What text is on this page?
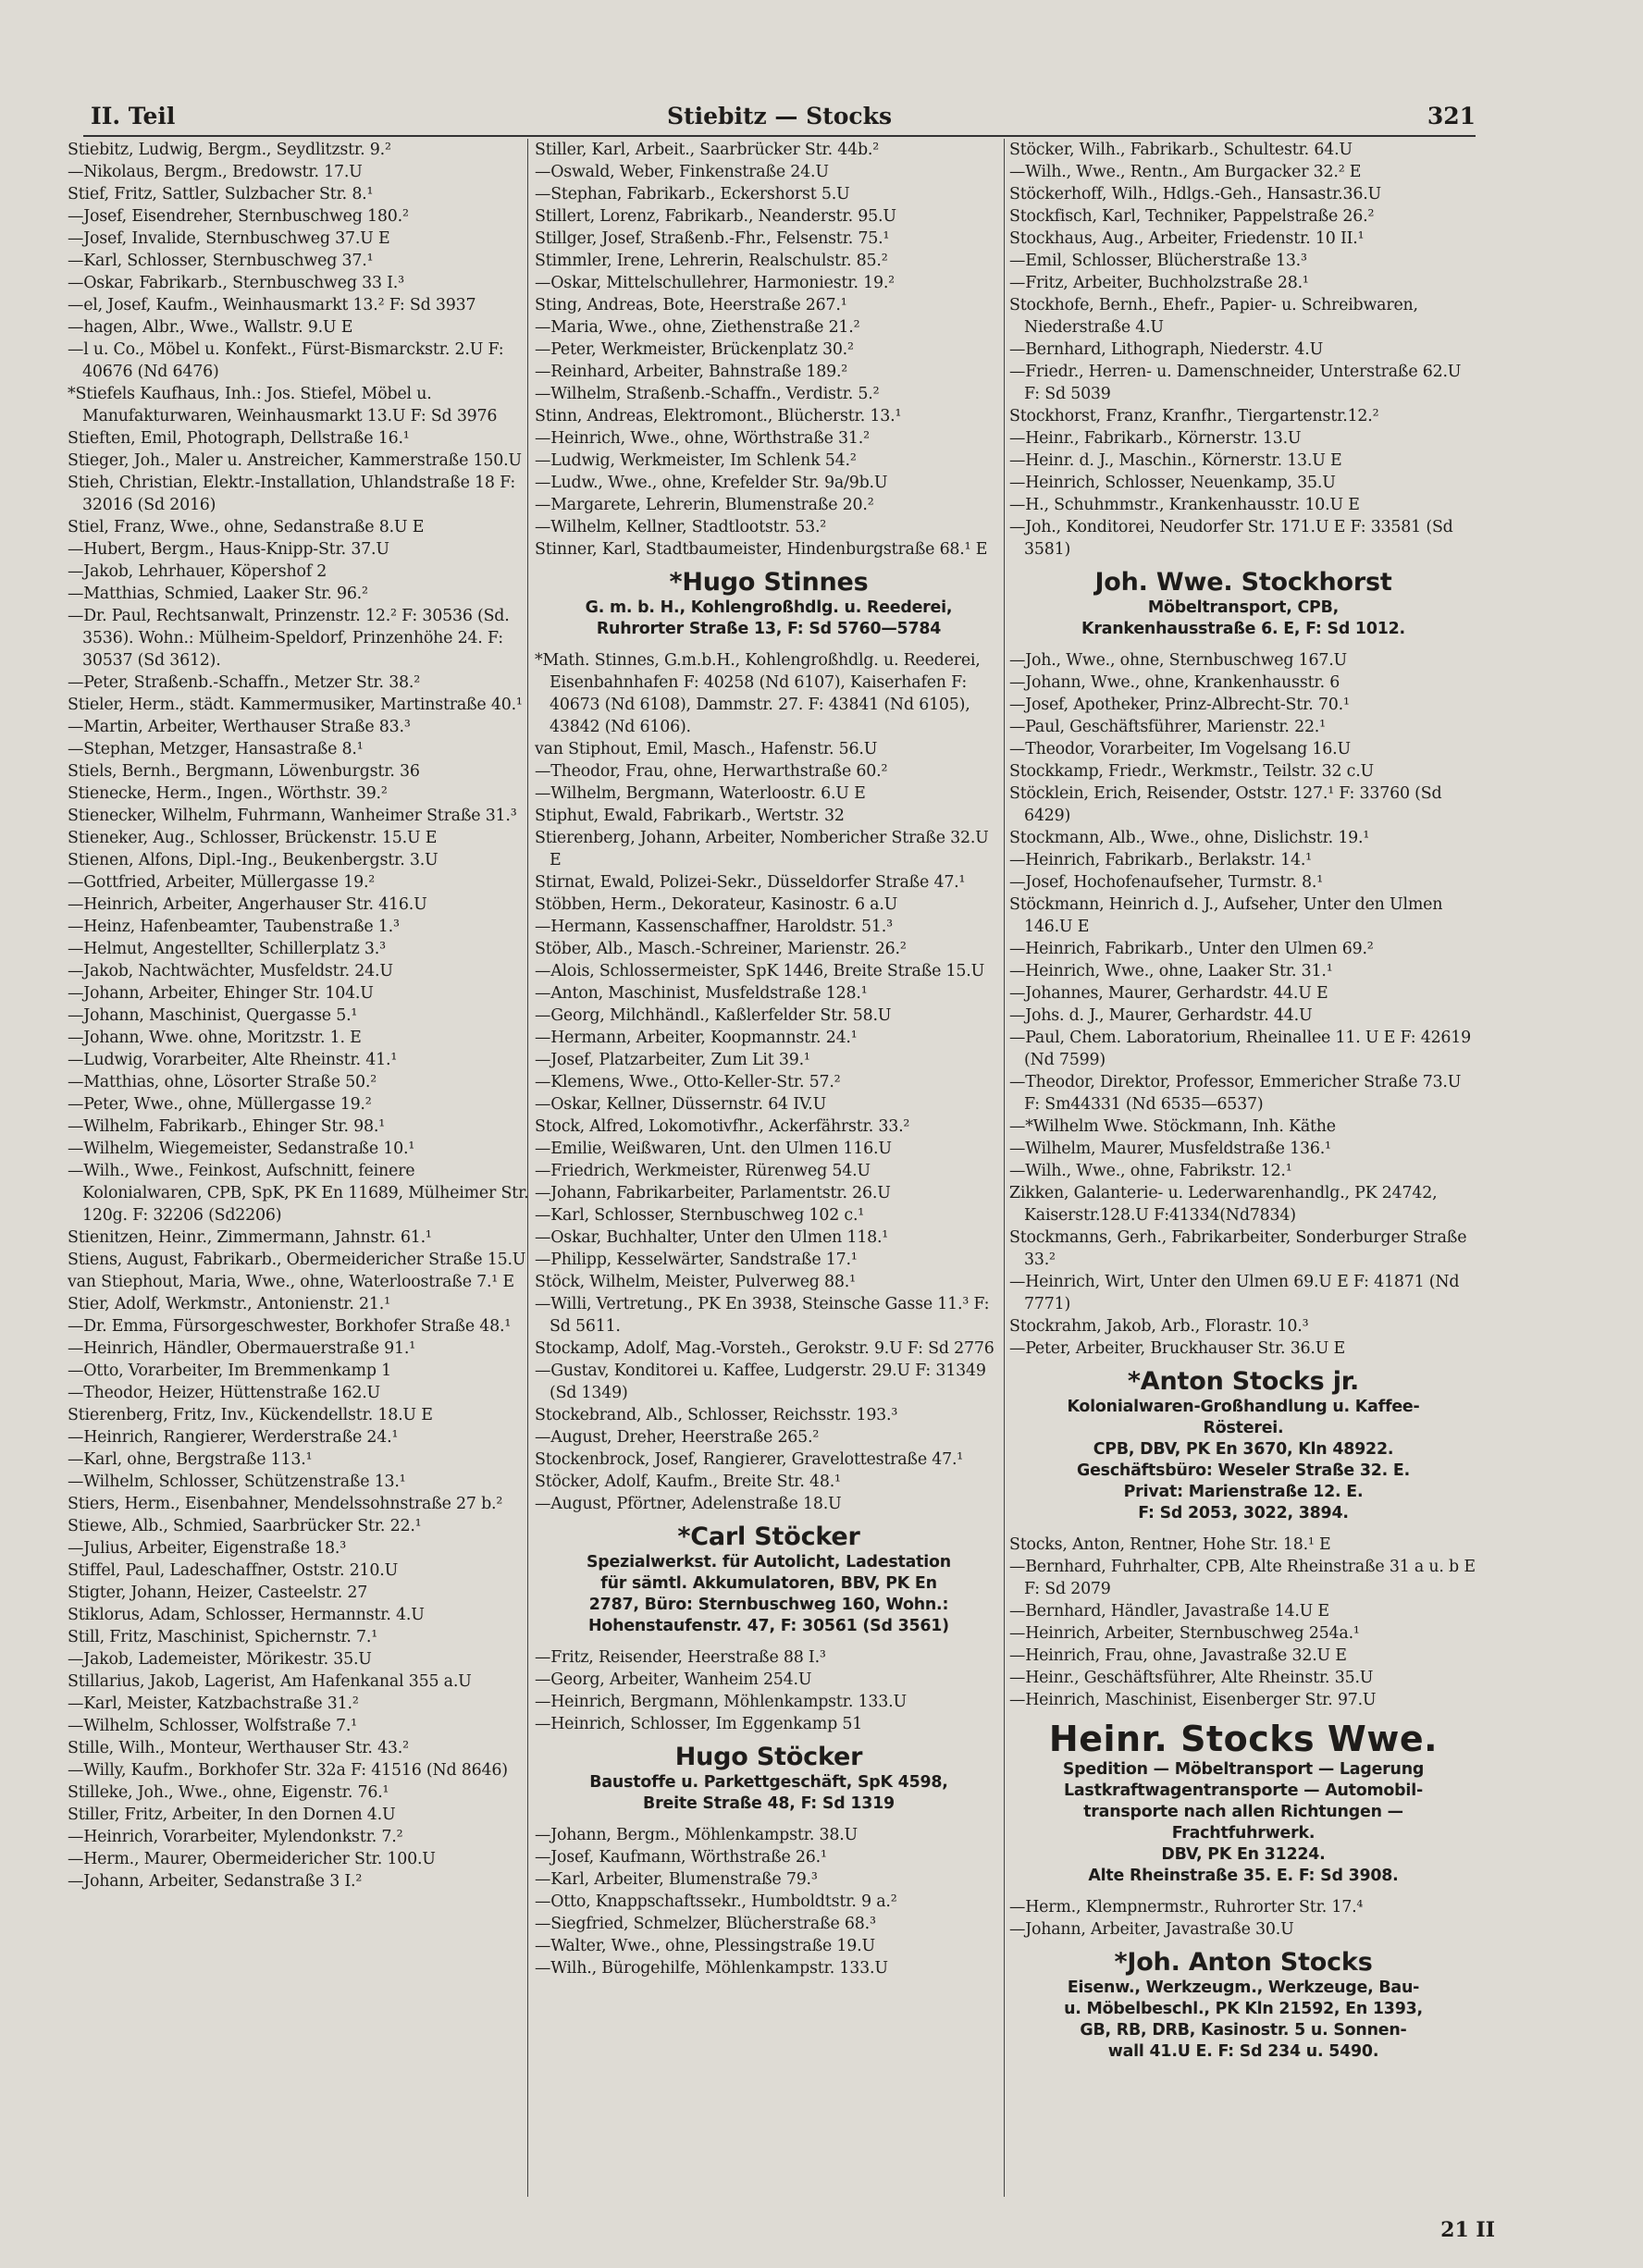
II. Teil	Stiebitz — Stocks	321
Stiebitz, Ludwig, Bergm., Seydlitzstr. 9.²
—Nikolaus, Bergm., Bredowstr. 17.U
Stief, Fritz, Sattler, Sulzbacher Str. 8.¹
—Josef, Eisendreher, Sternbuschweg 180.²
—Josef, Invalide, Sternbuschweg 37.U E
—Karl, Schlosser, Sternbuschweg 37.¹
—Oskar, Fabrikarb., Sternbuschweg 33 I.³
—el, Josef, Kaufm., Weinhausmarkt 13.² F: Sd 3937
—hagen, Albr., Wwe., Wallstr. 9.U E
—l u. Co., Möbel u. Konfekt., Fürst-Bismarckstr. 2.U F: 40676 (Nd 6476)
*Stiefels Kaufhaus, Inh.: Jos. Stiefel, Möbel u. Manufakturwaren, Weinhausmarkt 13.U F: Sd 3976
Stieften, Emil, Photograph, Dellstraße 16.¹
Stieger, Joh., Maler u. Anstreicher, Kammerstraße 150.U
Stieh, Christian, Elektr.-Installation, Uhlandstraße 18 F: 32016 (Sd 2016)
Stiel, Franz, Wwe., ohne, Sedanstraße 8.U E
—Hubert, Bergm., Haus-Knipp-Str. 37.U
—Jakob, Lehrhauer, Köpershof 2
—Matthias, Schmied, Laaker Str. 96.²
—Dr. Paul, Rechtsanwalt, Prinzenstr. 12.² F: 30536 (Sd. 3536). Wohn.: Mülheim-Speldorf, Prinzenhöhe 24. F: 30537 (Sd 3612).
—Peter, Straßenb.-Schaffn., Metzer Str. 38.²
Stieler, Herm., städt. Kammermusiker, Martinstraße 40.¹
—Martin, Arbeiter, Werthauser Straße 83.³
—Stephan, Metzger, Hansastraße 8.¹
Stiels, Bernh., Bergmann, Löwenburgstr. 36
Stienecke, Herm., Ingen., Wörthstr. 39.²
Stienecker, Wilhelm, Fuhrmann, Wanheimer Straße 31.³
Stieneker, Aug., Schlosser, Brückenstr. 15.U E
Stienen, Alfons, Dipl.-Ing., Beukenbergstr. 3.U
—Gottfried, Arbeiter, Müllergasse 19.²
—Heinrich, Arbeiter, Angerhauser Str. 416.U
—Heinz, Hafenbeamter, Taubenstraße 1.³
—Helmut, Angestellter, Schillerplatz 3.³
—Jakob, Nachtwächter, Musfeldstr. 24.U
—Johann, Arbeiter, Ehinger Str. 104.U
—Johann, Maschinist, Quergasse 5.¹
—Johann, Wwe. ohne, Moritzstr. 1. E
—Ludwig, Vorarbeiter, Alte Rheinstr. 41.¹
—Matthias, ohne, Lösorter Straße 50.²
—Peter, Wwe., ohne, Müllergasse 19.²
—Wilhelm, Fabrikarb., Ehinger Str. 98.¹
—Wilhelm, Wiegemeister, Sedanstraße 10.¹
—Wilh., Wwe., Feinkost, Aufschnitt, feinere Kolonialwaren, CPB, SpK, PK En 11689, Mülheimer Str. 120g. F: 32206 (Sd2206)
Stienitzen, Heinr., Zimmermann, Jahnstr. 61.¹
Stiens, August, Fabrikarb., Obermeidericher Straße 15.U
van Stiephout, Maria, Wwe., ohne, Waterloostraße 7.¹ E
Stier, Adolf, Werkmstr., Antonienstr. 21.¹
—Dr. Emma, Fürsorgeschwester, Borkhofer Straße 48.¹
—Heinrich, Händler, Obermauerstraße 91.¹
—Otto, Vorarbeiter, Im Bremmenkamp 1
—Theodor, Heizer, Hüttenstraße 162.U
Stierenberg, Fritz, Inv., Kückendellstr. 18.U E
—Heinrich, Rangierer, Werderstraße 24.¹
—Karl, ohne, Bergstraße 113.¹
—Wilhelm, Schlosser, Schützenstraße 13.¹
Stiers, Herm., Eisenbahner, Mendelssohnstraße 27 b.²
Stiewe, Alb., Schmied, Saarbrücker Str. 22.¹
—Julius, Arbeiter, Eigenstraße 18.³
Stiffel, Paul, Ladeschaffner, Oststr. 210.U
Stigter, Johann, Heizer, Casteelstr. 27
Stiklorus, Adam, Schlosser, Hermannstr. 4.U
Still, Fritz, Maschinist, Spichernstr. 7.¹
—Jakob, Lademeister, Mörikestr. 35.U
Stillarius, Jakob, Lagerist, Am Hafenkanal 355 a.U
—Karl, Meister, Katzbachstraße 31.²
—Wilhelm, Schlosser, Wolfstraße 7.¹
Stille, Wilh., Monteur, Werthauser Str. 43.²
—Willy, Kaufm., Borkhofer Str. 32a F: 41516 (Nd 8646)
Stilleke, Joh., Wwe., ohne, Eigenstr. 76.¹
Stiller, Fritz, Arbeiter, In den Dornen 4.U
—Heinrich, Vorarbeiter, Mylendonkstr. 7.²
—Herm., Maurer, Obermeidericher Str. 100.U
—Johann, Arbeiter, Sedanstraße 3 I.²
Stiller, Karl, Arbeit., Saarbrücker Str. 44b.²
—Oswald, Weber, Finkenstraße 24.U
—Stephan, Fabrikarb., Eckershorst 5.U
Stillert, Lorenz, Fabrikarb., Neanderstr. 95.U
Stillger, Josef, Straßenb.-Fhr., Felsenstr. 75.¹
Stimmler, Irene, Lehrerin, Realschulstr. 85.²
—Oskar, Mittelschullehrer, Harmoniestr. 19.²
Sting, Andreas, Bote, Heerstraße 267.¹
—Maria, Wwe., ohne, Ziethenstraße 21.²
—Peter, Werkmeister, Brückenplatz 30.²
—Reinhard, Arbeiter, Bahnstraße 189.²
—Wilhelm, Straßenb.-Schaffn., Verdistr. 5.²
Stinn, Andreas, Elektromont., Blücherstr. 13.¹
—Heinrich, Wwe., ohne, Wörthstraße 31.²
—Ludwig, Werkmeister, Im Schlenk 54.²
—Ludw., Wwe., ohne, Krefelder Str. 9a/9b.U
—Margarete, Lehrerin, Blumenstraße 20.²
—Wilhelm, Kellner, Stadtlootstr. 53.²
Stinner, Karl, Stadtbaumeister, Hindenburgstraße 68.¹ E
*Hugo Stinnes
G. m. b. H., Kohlengroßhdlg. u. Reederei,
Ruhrorter Straße 13, F: Sd 5760—5784
*Math. Stinnes, G.m.b.H., Kohlengroßhdlg. u. Reederei, Eisenbahnhafen F: 40258 (Nd 6107), Kaiserhafen F: 40673 (Nd 6108), Dammstr. 27. F: 43841 (Nd 6105), 43842 (Nd 6106).
van Stiphout, Emil, Masch., Hafenstr. 56.U
—Theodor, Frau, ohne, Herwarthstraße 60.²
—Wilhelm, Bergmann, Waterloostr. 6.U E
Stiphut, Ewald, Fabrikarb., Wertstr. 32
Stierenberg, Johann, Arbeiter, Nomberichеr Straße 32.U E
Stirnat, Ewald, Polizei-Sekr., Düsseldorfer Straße 47.¹
Stöbben, Herm., Dekorateur, Kasinostr. 6 a.U
—Hermann, Kassenschaffner, Haroldstr. 51.³
Stöber, Alb., Masch.-Schreiner, Marienstr. 26.²
—Alois, Schlossermeister, SpK 1446, Breite Straße 15.U
—Anton, Maschinist, Musfeldstraße 128.¹
—Georg, Milchhändl., Kaßlerfelder Str. 58.U
—Hermann, Arbeiter, Koopmannstr. 24.¹
—Josef, Platzarbeiter, Zum Lit 39.¹
—Klemens, Wwe., Otto-Keller-Str. 57.²
—Oskar, Kellner, Düssernstr. 64 IV.U
Stock, Alfred, Lokomotivfhr., Ackerfährstr. 33.²
—Emilie, Weißwaren, Unt. den Ulmen 116.U
—Friedrich, Werkmeister, Rürenweg 54.U
—Johann, Fabrikarbeiter, Parlamentstr. 26.U
—Karl, Schlosser, Sternbuschweg 102 c.¹
—Oskar, Buchhalter, Unter den Ulmen 118.¹
—Philipp, Kesselwärter, Sandstraße 17.¹
Stöck, Wilhelm, Meister, Pulverweg 88.¹
—Willi, Vertretung., PK En 3938, Steinsche Gasse 11.³ F: Sd 5611.
Stockamp, Adolf, Mag.-Vorsteh., Gerokstr. 9.U F: Sd 2776
—Gustav, Konditorei u. Kaffee, Ludgerstr. 29.U F: 31349 (Sd 1349)
Stockebrand, Alb., Schlosser, Reichsstr. 193.³
—August, Dreher, Heerstraße 265.²
Stockenbrock, Josef, Rangierer, Gravelottestraße 47.¹
Stöcker, Adolf, Kaufm., Breite Str. 48.¹
—August, Pförtner, Adelenstraße 18.U
*Carl Stöcker
Spezialwerkst. für Autolicht, Ladestation
für sämtl. Akkumulatoren, BBV, PK En
2787, Büro: Sternbuschweg 160, Wohn.:
Hohenstaufenstr. 47, F: 30561 (Sd 3561)
—Fritz, Reisender, Heerstraße 88 I.³
—Georg, Arbeiter, Wanheim 254.U
—Heinrich, Bergmann, Möhlenkampstr. 133.U
—Heinrich, Schlosser, Im Eggenkamp 51
Hugo Stöcker
Baustoffe u. Parkettgeschäft, SpK 4598,
Breite Straße 48, F: Sd 1319
—Johann, Bergm., Möhlenkampstr. 38.U
—Josef, Kaufmann, Wörthstraße 26.¹
—Karl, Arbeiter, Blumenstraße 79.³
—Otto, Knappschaftssekr., Humboldtstr. 9 a.²
—Siegfried, Schmelzer, Blücherstraße 68.³
—Walter, Wwe., ohne, Plessingstraße 19.U
—Wilh., Bürogehilfe, Möhlenkampstr. 133.U
Stöcker, Wilh., Fabrikarb., Schultestr. 64.U
—Wilh., Wwe., Rentn., Am Burgacker 32.² E
Stöckerhoff, Wilh., Hdlgs.-Geh., Hansastr.36.U
Stockfisch, Karl, Techniker, Pappelstraße 26.²
Stockhaus, Aug., Arbeiter, Friedenstr. 10 II.¹
—Emil, Schlosser, Blücherstraße 13.³
—Fritz, Arbeiter, Buchholzstraße 28.¹
Stockhofe, Bernh., Ehefr., Papier- u. Schreibwaren, Niederstraße 4.U
—Bernhard, Lithograph, Niederstr. 4.U
—Friedr., Herren- u. Damenschneider, Unterstraße 62.U F: Sd 5039
Stockhorst, Franz, Kranfhr., Tiergartenstr.12.²
—Heinr., Fabrikarb., Körnerstr. 13.U
—Heinr. d. J., Maschin., Körnerstr. 13.U E
—Heinrich, Schlosser, Neuenkamp, 35.U
—H., Schuhmmstr., Krankenhausstr. 10.U E
—Joh., Konditorei, Neudorfer Str. 171.U E F: 33581 (Sd 3581)
Joh. Wwe. Stockhorst
Möbeltransport, CPB,
Krankenhausstraße 6. E, F: Sd 1012.
—Joh., Wwe., ohne, Sternbuschweg 167.U
—Johann, Wwe., ohne, Krankenhausstr. 6
—Josef, Apotheker, Prinz-Albrecht-Str. 70.¹
—Paul, Geschäftsführer, Marienstr. 22.¹
—Theodor, Vorarbeiter, Im Vogelsang 16.U
Stockkamp, Friedr., Werkmstr., Teilstr. 32 c.U
Stöcklein, Erich, Reisender, Oststr. 127.¹ F: 33760 (Sd 6429)
Stockmann, Alb., Wwe., ohne, Dislichstr. 19.¹
—Heinrich, Fabrikarb., Berlakstr. 14.¹
—Josef, Hochofenaufseher, Turmstr. 8.¹
Stöckmann, Heinrich d. J., Aufseher, Unter den Ulmen 146.U E
—Heinrich, Fabrikarb., Unter den Ulmen 69.²
—Heinrich, Wwe., ohne, Laaker Str. 31.¹
—Johannes, Maurer, Gerhardstr. 44.U E
—Johs. d. J., Maurer, Gerhardstr. 44.U
—Paul, Chem. Laboratorium, Rheinallee 11. U E F: 42619 (Nd 7599)
—Theodor, Direktor, Professor, Emmericher Straße 73.U F: Sm44331 (Nd 6535—6537)
—*Wilhelm Wwe. Stöckmann, Inh. Käthe
—Wilhelm, Maurer, Musfeldstraße 136.¹
—Wilh., Wwe., ohne, Fabrikstr. 12.¹
Zikken, Galanterie- u. Lederwarenhandlg., PK 24742, Kaiserstr.128.U F:41334(Nd7834)
Stockmanns, Gerh., Fabrikarbeiter, Sonderburger Straße 33.²
—Heinrich, Wirt, Unter den Ulmen 69.U E F: 41871 (Nd 7771)
Stockrahm, Jakob, Arb., Florastr. 10.³
—Peter, Arbeiter, Bruckhauser Str. 36.U E
*Anton Stocks jr.
Kolonialwaren-Großhandlung u. Kaffee-
Rösterei.
CPB, DBV, PK En 3670, Kln 48922.
Geschäftsbüro: Weseler Straße 32. E.
Privat: Marienstraße 12. E.
F: Sd 2053, 3022, 3894.
Stocks, Anton, Rentner, Hohe Str. 18.¹ E
—Bernhard, Fuhrhalter, CPB, Alte Rheinstraße 31 a u. b E F: Sd 2079
—Bernhard, Händler, Javastraße 14.U E
—Heinrich, Arbeiter, Sternbuschweg 254a.¹
—Heinrich, Frau, ohne, Javastraße 32.U E
—Heinr., Geschäftsführer, Alte Rheinstr. 35.U
—Heinrich, Maschinist, Eisenberger Str. 97.U
Heinr. Stocks Wwe.
Spedition — Möbeltransport — Lagerung
Lastkraftwagentransporte — Automobil-
transporte nach allen Richtungen —
Frachtfuhrwerk.
DBV, PK En 31224.
Alte Rheinstraße 35. E. F: Sd 3908.
—Herm., Klempnermstr., Ruhrorter Str. 17.⁴
—Johann, Arbeiter, Javastraße 30.U
*Joh. Anton Stocks
Eisenw., Werkzeugm., Werkzeuge, Bau-
u. Möbelbeschl., PK Kln 21592, En 1393,
GB, RB, DRB, Kasinostr. 5 u. Sonnen-
wall 41.U E. F: Sd 234 u. 5490.
21 II
